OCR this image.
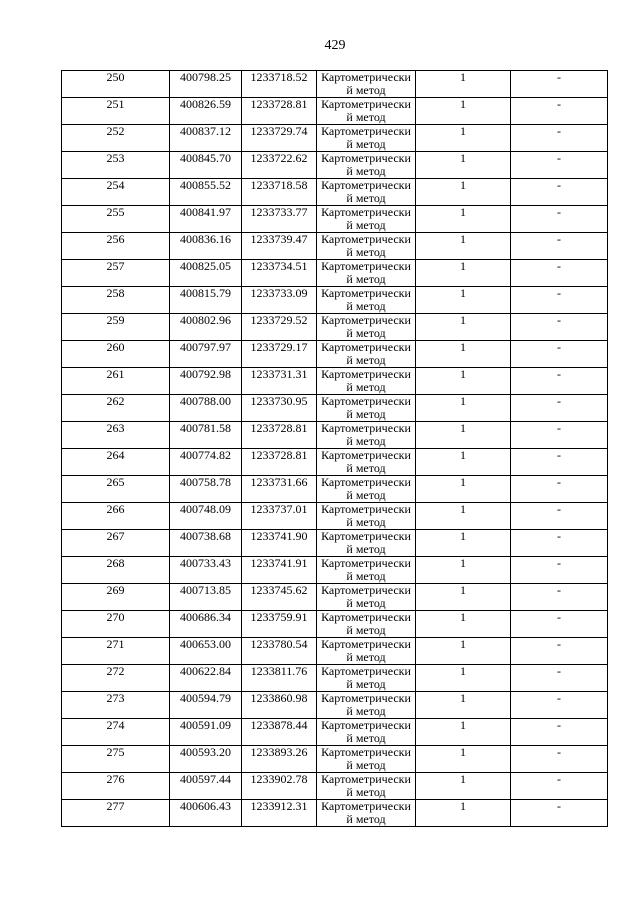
429
250	400798.25	1233718.52	Картометрически й метод	1	-
251	400826.59	1233728.81	Картометрически й метод	1	-
252	400837.12	1233729.74	Картометрически й метод	1	-
253	400845.70	1233722.62	Картометрически й метод	1	-
254	400855.52	1233718.58	Картометрически й метод	1	-
255	400841.97	1233733.77	Картометрически й метод	1	-
256	400836.16	1233739.47	Картометрически й метод	1	-
257	400825.05	1233734.51	Картометрически й метод	1	-
258	400815.79	1233733.09	Картометрически й метод	1	-
259	400802.96	1233729.52	Картометрически й метод	1	-
260	400797.97	1233729.17	Картометрически й метод	1	-
261	400792.98	1233731.31	Картометрически й метод	1	-
262	400788.00	1233730.95	Картометрически й метод	1	-
263	400781.58	1233728.81	Картометрически й метод	1	-
264	400774.82	1233728.81	Картометрически й метод	1	-
265	400758.78	1233731.66	Картометрически й метод	1	-
266	400748.09	1233737.01	Картометрически й метод	1	-
267	400738.68	1233741.90	Картометрически й метод	1	-
268	400733.43	1233741.91	Картометрически й метод	1	-
269	400713.85	1233745.62	Картометрически й метод	1	-
270	400686.34	1233759.91	Картометрически й метод	1	-
271	400653.00	1233780.54	Картометрически й метод	1	-
272	400622.84	1233811.76	Картометрически й метод	1	-
273	400594.79	1233860.98	Картометрически й метод	1	-
274	400591.09	1233878.44	Картометрически й метод	1	-
275	400593.20	1233893.26	Картометрически й метод	1	-
276	400597.44	1233902.78	Картометрически й метод	1	-
277	400606.43	1233912.31	Картометрически й метод	1	-
